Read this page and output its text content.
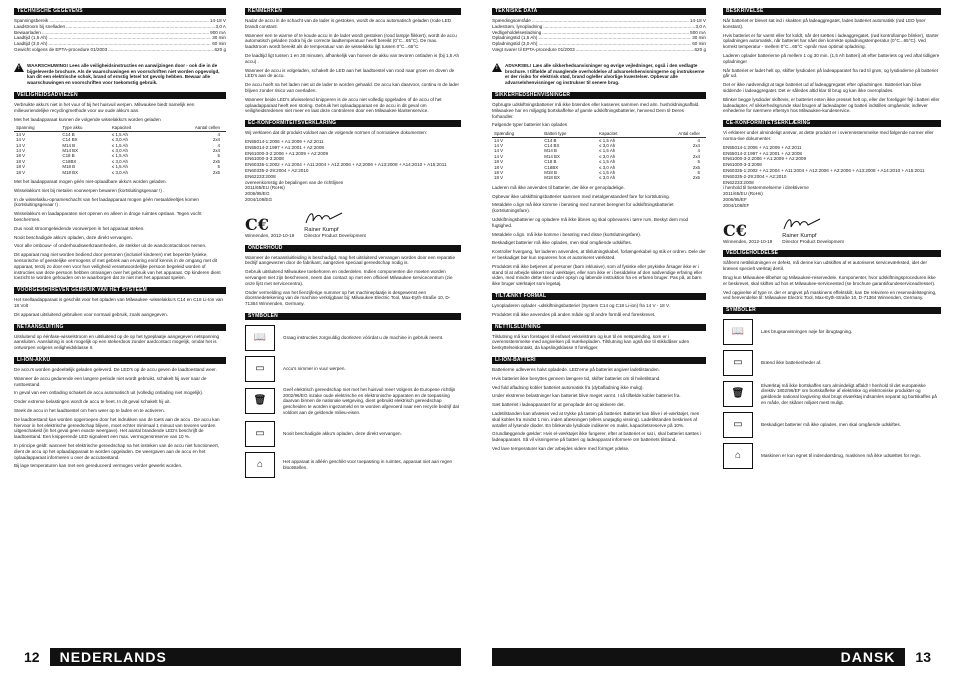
TECHNISCHE GEGEVENS
Spanningsbereik .....	14-18 V
Laadstroom bij snelladen .....	3,0 A
Bewaarladen .....	900 mA
Laadtijd (1,5 Ah) .....	30 min
Laadtijd (3,0 Ah) .....	60 min
Gewicht volgens de EPTA-procedure 01/2003 .....	620 g
!
WAARSCHUWING! Lees alle veiligheidsinstructies en aanwijzingen door - ook die in de bijgeleverde brochure. Als de waarschuwingen en voorschriften niet worden opgevolgd, kan dit een elektrische schok, brand of ernstig letsel tot gevolg hebben. Bewaar alle waarschuwingen en voorschriften voor toekomstig gebruik.
VEILIGHEIDSADVIEZEN
Verbruikte akku's niet in het vuur of bij het huisvuil werpen. Milwaukee biedt namelijk een milieuvriendelijke recyclingmethode voor uw oude akku's aan.
Met het laadapparaat kunnen de volgende wisselakku's worden geladen
Spanning	Type akku	Kapaciteit	Aantal cellen
14 V	C14 B	≤ 1,5 Ah	4
14 V	C14 BX	≤ 3,0 Ah	2x4
14 V	M14 B	≤ 1,5 Ah	4
14 V	M14 BX	≤ 3,0 Ah	2x4
18 V	C18 B	≤ 1,5 Ah	5
18 V	C18BX	≤ 3,0 Ah	2x5
18 V	M18 B	≤ 1,5 Ah	5
18 V	M18 BX	≤ 3,0 Ah	2x5
Met het laadapparaat mogen géén niet-oplaadbare akku's worden geladen.
Wisselakku's niet bij metalen voorwerpen bewaren (kortsluitingsgevaar !) .
In de wisselakku-opnameschacht van het laadapparaat mogen géén metaaldeeltjes komen (kortsluitingsgevaar !) .
Wisselakku's en laadapparaten niet openen en alleen in droge ruimtes opslaan. Tegen vocht beschermen.
Dus nooit stroomgeleidende voorwerpen in het apparaat steken.
Nooit beschadigde akku's opladen, deze direkt vervangen.
Voor alle ombouw- of onderhoudswerkzaamheden, de stekker uit de wandcontactdoos nemen.
Dit apparaat mag niet worden bediend door personen (inclusief kinderen) met beperkte fysieke, sensorische of geestelijke vermogens of met gebrek aan ervaring en/of kennis in de omgang met dit apparaat, tenzij zo door een voor hun veiligheid verantwoordelijke persoon begeleid worden of instructies van deze persoon hebben ontvangen over het gebruik van het apparaat. Op kinderen dient toezicht te worden gehouden om te waarborgen dat ze niet met het apparaat spelen.
VOORGESCHREVEN GEBRUIK VAN HET SYSTEEM
Het snellaadapparaat is geschikt voor het opladen van Milwaukee -wisselakku's C14 en C18 Li-Ion van 18 Volt
Dit apparaat uitsluitend gebruiken voor normaal gebruik, zoals aangegeven.
NETAANSLUITING
Uitsluitend op éénfase-wisselstroom en uitsluitend op de op het typeplaatje aangegeven netspanning aansluiten. Aansluiting is ook mogelijk op een stekerdoos zonder aardcontact mogelijk, omdat het is ontworpen volgens veiligheidsklasse II.
LI-ION-AKKU
De accu's worden gedeeltelijk geladen geleverd. De LED's op de accu geven de laadtoestand weer.
Wanneer de accu gedurende een langere periode niet wordt gebruikt, schakelt hij over naar de rusttoestand.
In geval van een ontlading schakelt de accu automatisch uit (volledig ontlading niet mogelijk).
Onder extreme belastingen wordt de accu te heet. In dit geval schakelt hij uit.
Steek de accu in het laadtoestel om hem weer op te laden en te activeren.
De laadtoestand kan worden opgeroepen door het indrukken van de toets aan de accu . De accu kan hiervoor in het elektrische gereedschap blijven, moet echter minimaal 1 minuut van tevoren worden uitgeschakeld (in het geval geen exacte weergave). Het aantal brandende LED's beschrijft de laadtoestand. Een knipperende LED signaleert een max. vermogensreserve van 10 %.
In principe geldt: wanneer het elektrische gereedschap na het insteken van de accu niet functioneert, dient de accu op het oplaadapparaat te worden opgeladen. De weergaven aan de accu en het oplaadapparaat informeren u over de accutoestand.
Bij lage temperaturen kan met een gereduceerd vermogen verder gewerkt worden.
KENMERKEN
Nadat de accu in de schacht van de lader is gestoken, wordt de accu automatisch geladen (rode LED brandt constant.
Wanneer een te warme of te koude accu in de lader wordt gestoken (rood lampje flikkert), wordt de accu automatisch geladen zodra hij de correcte laadtemperatuur heeft bereikt (0°C...65°C). De max. laadstroom wordt bereikt als de temperatuur van de wisselakku ligt tussen 0°C...65°C
De laadtijd ligt tussen 1 en 30 minuten, afhankelijk van hoever de akku van tevoren ontladen is (bij 1,5 Ah accu) .
Wanneer de accu is volgeladen, schakelt de LED aan het laadtoestel van rood naar groen en doven de LED's aan de accu.
De accu hoeft na het laden niet uit de lader te worden gehaald. De accu kan daarvoor, continu in de lader blijven zonder risico van overladen.
Wanneer beide LED's afwisselend knipperen is de accu niet volledig opgeladen of de accu of het oplaadapparaat heeft een storing. Gebruik het oplaadapparaat en de accu in dit geval om veiligheidsredenen niet meer en laat deze controleren door een Milwaukee klantenservice.
EC-KONFORMITEITSVERKLARING
Wij verklaren dat dit produkt voldoet aan de volgende normen of normatieve dokumenten:
EN55014-1:2006 + A1:2009 + A2:2011
EN55014-2:1997 + A1:2001 + A2:2008
EN61000-3-2:2006 + A1:2009 + A2:2009
EN61000-3-3:2008
EN60335-1:2002 + A1:2004 + A11:2004 + A12:2006 + A2:2006 + A13:2008 + A14:2010 + A15:2011
EN60335-2-29:2004 + A2:2010
EN62233:2008
overeenkomstig de bepalingen van de richtlijnen
2011/65/EU (RoHs)
2006/95/EG
2004/108/EG
C€
Winnenden, 2012-10-19
Rainer Kumpf
Director Product Development
ONDERHOUD
Wanneer de netaansluitleiding is beschadigd, mag het uitsluitend vervangen worden door een reparatie bedrijf aangewezen door de fabrikant, aangezien speciaal gereedschap nodig is.
Gebruik uitsluitend Milwaukee toebehoren en onderdelen. Indien componenten die moeten worden vervangen niet zijn beschreven, neem dan contact op met een officieel Milwaukee servicecentrum (zie onze lijst met servicecentra).
Onder vermelding van het fienzijferige nummer op het machineplaatje is desgewenst een doorsnedetekening van de machine verkrijgbaar bij: Milwaukee Electric Tool, Max-Eyth-Straße 10, D-71364 Winnenden, Germany.
SYMBOLEN
📖	Graag instructies zorgvuldig doorlezen vóórdat u de machine in gebruik neemt.
▭	Accu's nimmer in vuur werpen.
🗑
Geef elektrisch gereedschap niet met het huisvuil mee! Volgens de Europese richtlijn 2002/96/EG inzake oude elektrische en elektronische apparaten en de toepassing daarvan binnen de nationale wetgeving, dient gebruikt elektrisch gereedschap gescheiden te worden ingezameld en te worden afgevoerd naar een recycle bedrijf dat voldoet aan de geldende milieu-eisen.
▭	Nooit beschadigde akku's opladen, deze direkt vervangen.
⌂	Het apparaat is alléén geschikt voor toepassing in ruimtes, apparaat niet aan regen blootstellen.
TEKNISKE DATA
Spændingsområde .....	14-18 V
Ladestrøm, lynopladning .....	3,0 A
Vedligeholdelsesladning .....	500 mA
Opladningstid (1,5 Ah) .....	30 min
Opladningstid (3,0 Ah) .....	60 min
Vægt svarer til EPTA-procedure 01/2003 .....	620 g
!
ADVARSEL! Læs alle sikkerhedsanvisninger og øvrige vejledninger, også i den vedlagte brochure. I tilfælde af manglende overholdelse af advarselshenvisningerne og instrukserne er der risiko for elektrisk stød, brand og/eller alvorlige kvæstelser. Opbevar alle advarselshenvisninger og instrukser til senere brug.
SIKKERHEDSHENVISNINGER
Opbrugte udskiftningsbatterier må ikke brændes eller kasseres sammen med alm. husholdningsaffald. Milwaukee har en miljøgtig bortskaffelse af gamle udskiftningsbatterier, henvend Dem til Deres forhandler.
Følgende typer batterier kan oplades
Spænding	Batteri type	Kapacitet	Antal celler
14 V	C14 B	≤ 1,5 Ah	4
14 V	C14 BX	≤ 3,0 Ah	2x4
14 V	M14 B	≤ 1,5 Ah	4
14 V	M14 BX	≤ 3,0 Ah	2x4
18 V	C18 B	≤ 1,5 Ah	5
18 V	C18BX	≤ 3,0 Ah	2x5
18 V	M18 B	≤ 1,5 Ah	5
18 V	M18 BX	≤ 3,0 Ah	2x5
Laderen må ikke anvendes til batterier, der ikke er genopladelige.
Opbevar ikke udskiftningsbatterier sammen med metalgenstandesf fare for kortslutning.
Metaldele o.lign må ikke komme i berøring med rummet beregnet for udskiftningsbatteriet (kortslutningsfare).
Udskiftningsbatterier og opladere må ikke åbnes og skal opbevares i tørre rum. Beskyt dem mod fugtighed.
Metaldele o.lign. må ikke komme i berøring med disse (kortslutningsfare).
Beskadiget batterier må ikke oplades, men skal omgående udskiftes.
Kontroller hvergang, før laderen anvendes, at tilslutningskabel, forlængerkabel og stik er ordren. Dele der er beskadiget bør kun repareres hos et autoriseret værksted.
Produktet må ikke betjenes af personer (børn inklusive), som af fysiske eller psykiske årsager ikke er i stand til at arbejde sikkert med værktøjet, eller som ikke er i besiddelse af den nødvendige erfaring eller viden, med mindre dette sker under opsyn og løbende instruktion fra en erfaren bruger. Pas på, at børn ikke bruger værktøjet som legetøj.
TILTÆNKT FORMÅL
Lynopladeren oplader -udskiftningsbatterier (System C14 og C18 Li-ion) fra 14 V - 18 V.
Produktet må ikke anvendes på anden måde og til andre formål end foreskrevet.
NETTILSLUTNING
Tilslutning må kun foretages til enfaset vekselstrøm og kun til en netspænding, som er i overensstemmelse med angivelsen på mærkepladen. Tilslutning kan også ske til stikkdåser uden beskyttelseskontakt, da kapslingsklasse II foreligger.
LI-ION-BATTERI
Batterierne udleveres halvt opladede. LED'erne på batteriet angiver ladetilstanden.
Hvis batteriet ikke benyttes gennem længere tid, skifter batteriet om til hviletilstand.
Ved fuld afladning kobler batteriet automatisk fra (dybafladning ikke mulig).
Under ekstreme belastninger kan batteriet blive meget varmt. I så tilfælde kobler batteriet fra.
Sæt batteriet i ladeapparatet for at genoplade det og aktivere det.
Ladetilstanden kan afvæses ved at trykke på tasten på batteriet. Batteriet kan blive i el-værktøjet, men skal kobles fra mindst 1 min. inden afæsningen (ellers unøjagtig visning). Ladetilstanden beskrives af antallet af lysende dioder. En blinkende lysdiode indikerer en maks. kapacitetsreserve på 10%.
Grundlæggende gælder: Hvis el-værktøjet ikke fungerer, efter at batteriet er sat i, skal batteriet sættes i ladeapparatet. Så vil visningerne på batteri og ladeapparat informere om batteriets tilstand.
Ved lave temperaturer kan der arbejdes videre med formget ydelse.
BESKRIVELSE
Når batteriet er blevet sat ind i skakten på ladeaggregatet, lades batteriet automatisk (rød LED lyser konstant).
Hvis batteriet er for varmt eller for koldt, når det sættes i ladeaggregatet, (rød kontrollampe blinker), starter opladningen automatisk, når batteriet har nået den korrekte opladningstemperatur (0°C...65°C). Ved korrekt temperatur - mellem 0°C...65°C -opnår man optimal opladning.
Laderen oplader batterierne på mellem 1 og 30 min. (1,5 Ah batteri) alt efter batteriets og ved aftal tidligere opladninger
Når batteriet er ladet helt op, skifter lysdioden på ladeapparatet fra rød til grøn, og lysdioderne på batteriet går ud.
Det er ikke nødvendigt at tage batteriet ud af ladeaggregatet efter opladningen. Batteriet kan blive siddende i ladeaggregatet. Det er således altid klar til brug og kan ikke overoplades.
Blinker begge lysdioder skiftevis, er batteriet enten ikke presset helt op, eller der foreligger fejl i batteri eller ladeadapter. Af sikkerhedsgrunde skal brugen af ladeadapter og batteri indstilles omgående; indlever enhederne for nærmere eftersyn hos Milwaukee-kundeservice.
CE-KONFORMITETSERKLÆRING
Vi erklærer under almindeligt ansvar, at dette produkt er i overensstemmelse med følgende normer eller norma-tive dokumenter.
EN55014-1:2006 + A1:2009 + A2:2011
EN55014-2:1997 + A1:2001 + A2:2008
EN61000-3-2:2006 + A1:2009 + A2:2009
EN61000-3-3:2008
EN60335-1:2002 + A1:2004 + A11:2004 + A12:2006 + A2:2006 + A13:2008 + A14:2010 + A15:2011
EN60335-2-29:2004 + A2:2010
EN62233:2008
i henhold til bestemmelserne i direktiverne
2011/65/EU (RoHs)
2006/95/EF
2004/108/EF
C€
Winnenden, 2012-10-19
Rainer Kumpf
Director Product Development
VEDLIGEHOLDELSE
Såfremt nettilslutningen er defekt, må denne kun udskiftes af et autoriseret serviceværksted, idet der kræves specielt værktøj dertil.
Brug kun Milwaukee-tilbehør og Milwaukee-reservedele. Komponenter, hvor udskiftningsproceduren ikke er beskrevet, skal skiftes ud hos et Milwaukee-serviceested (se brochure garanti/kundeserviceadresser).
Ved opgivelse af type nr. der er angivet på maskinens effektskilt, kan De rekvirere en reservedelstegning, ved henvendelse til: Milwaukee Electric Tool, Max-Eyth-Straße 10, D-71364 Winnenden, Germany.
SYMBOLER
📖	Læs brugsanvisningen nøje før ibrugtagning.
▭	Brænd ikke batterienheder af.
🗑
Elværktøj må ikke bortskaffes som almindeligt affald! I henhold til det europæiske direktiv 1802/96/EF om bortskaffelse af elektriske og elektroniske produkter og gældende national lovgivning skal brugt elværktøj indsamles separat og bortskaffes på en måde, der skåner miljøet mest muligt.
▭	Beskadiget batterier må ikke oplades, men skal omgående udskiftes.
⌂	Maskinen er kun egnet til indendørsbrug, maskinen må ikke udsættes for regn.
12	NEDERLANDS	DANSK	13
